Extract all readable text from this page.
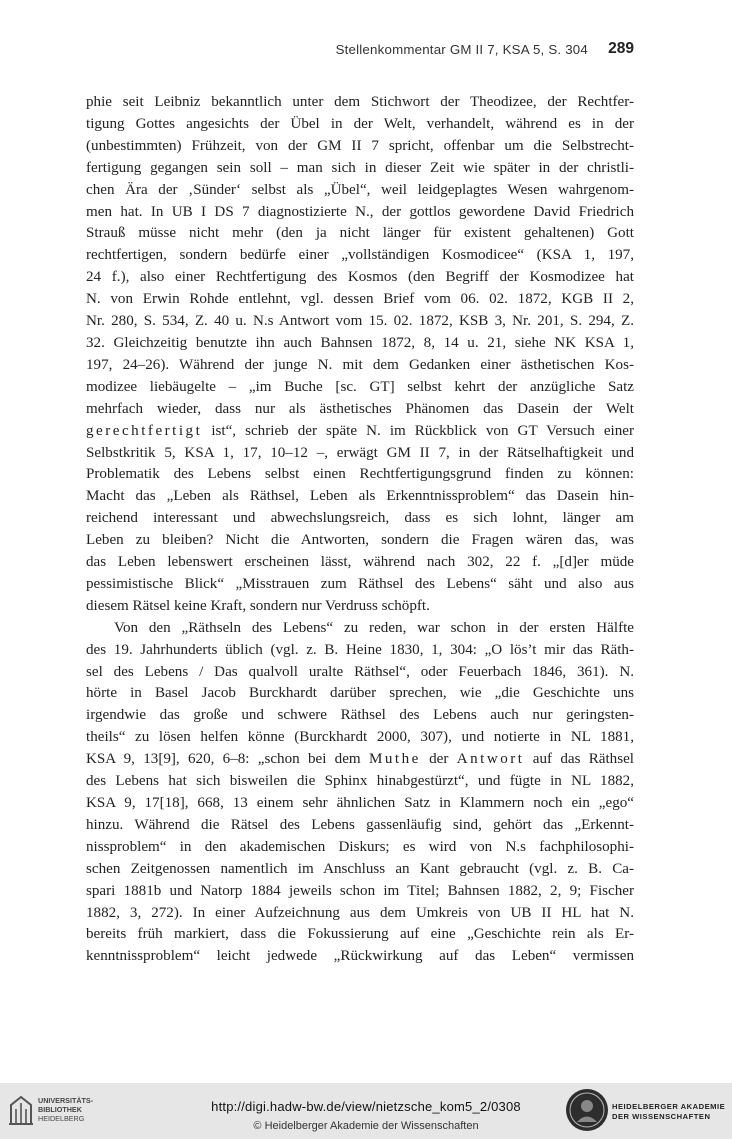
Stellenkommentar GM II 7, KSA 5, S. 304 289

phie seit Leibniz bekanntlich unter dem Stichwort der Theodizee, der Rechtfer-

tigung Gottes angesichts der Übel in der Welt, verhandelt, während es in der

(unbestimmten) Frühzeit, von der GM II 7 spricht, offenbar um die Selbstrecht-

fertigung gegangen sein soll – man sich in dieser Zeit wie später in der christli-

chen Ära der ‚Sünder‘ selbst als „Übel“, weil leidgeplagtes Wesen wahrgenom-

men hat. In UB I DS 7 diagnostizierte N., der gottlos gewordene David Friedrich

Strauß müsse nicht mehr (den ja nicht länger für existent gehaltenen) Gott

rechtfertigen, sondern bedürfe einer „vollständigen Kosmodicee“ (KSA 1, 197,

24 f.), also einer Rechtfertigung des Kosmos (den Begriff der Kosmodizee hat

N. von Erwin Rohde entlehnt, vgl. dessen Brief vom 06. 02. 1872, KGB II 2,

Nr. 280, S. 534, Z. 40 u. N.s Antwort vom 15. 02. 1872, KSB 3, Nr. 201, S. 294, Z.

32. Gleichzeitig benutzte ihn auch Bahnsen 1872, 8, 14 u. 21, siehe NK KSA 1,

197, 24–26). Während der junge N. mit dem Gedanken einer ästhetischen Kos-

modizee liebäugelte – „im Buche [sc. GT] selbst kehrt der anzügliche Satz

mehrfach wieder, dass nur als ästhetisches Phänomen das Dasein der Welt

gerechtfertigt ist“, schrieb der späte N. im Rückblick von GT Versuch einer

Selbstkritik 5, KSA 1, 17, 10–12 –, erwägt GM II 7, in der Rätselhaftigkeit und

Problematik des Lebens selbst einen Rechtfertigungsgrund finden zu können:

Macht das „Leben als Räthsel, Leben als Erkenntnissproblem“ das Dasein hin-

reichend interessant und abwechslungsreich, dass es sich lohnt, länger am

Leben zu bleiben? Nicht die Antworten, sondern die Fragen wären das, was

das Leben lebenswert erscheinen lässt, während nach 302, 22 f. „[d]er müde

pessimistische Blick“ „Misstrauen zum Räthsel des Lebens“ säht und also aus

diesem Rätsel keine Kraft, sondern nur Verdruss schöpft.

Von den „Räthseln des Lebens“ zu reden, war schon in der ersten Hälfte

des 19. Jahrhunderts üblich (vgl. z. B. Heine 1830, 1, 304: „O lös’t mir das Räth-

sel des Lebens / Das qualvoll uralte Räthsel“, oder Feuerbach 1846, 361). N.

hörte in Basel Jacob Burckhardt darüber sprechen, wie „die Geschichte uns

irgendwie das große und schwere Räthsel des Lebens auch nur geringsten-

theils“ zu lösen helfen könne (Burckhardt 2000, 307), und notierte in NL 1881,

KSA 9, 13[9], 620, 6–8: „schon bei dem Muthe der Antwort auf das Räthsel

des Lebens hat sich bisweilen die Sphinx hinabgestürzt“, und fügte in NL 1882,

KSA 9, 17[18], 668, 13 einem sehr ähnlichen Satz in Klammern noch ein „ego“

hinzu. Während die Rätsel des Lebens gassenläufig sind, gehört das „Erkennt-

nissproblem“ in den akademischen Diskurs; es wird von N.s fachphilosophi-

schen Zeitgenossen namentlich im Anschluss an Kant gebraucht (vgl. z. B. Ca-

spari 1881b und Natorp 1884 jeweils schon im Titel; Bahnsen 1882, 2, 9; Fischer

1882, 3, 272). In einer Aufzeichnung aus dem Umkreis von UB II HL hat N.

bereits früh markiert, dass die Fokussierung auf eine „Geschichte rein als Er-

kenntnissproblem“ leicht jedwede „Rückwirkung auf das Leben“ vermissen

UNIVERSITÄTS-
BIBLIOTHEK
HEIDELBERG
http://digi.hadw-bw.de/view/nietzsche_kom5_2/0308
© Heidelberger Akademie der Wissenschaften
HEIDELBERGER AKADEMIE
DER WISSENSCHAFTEN
